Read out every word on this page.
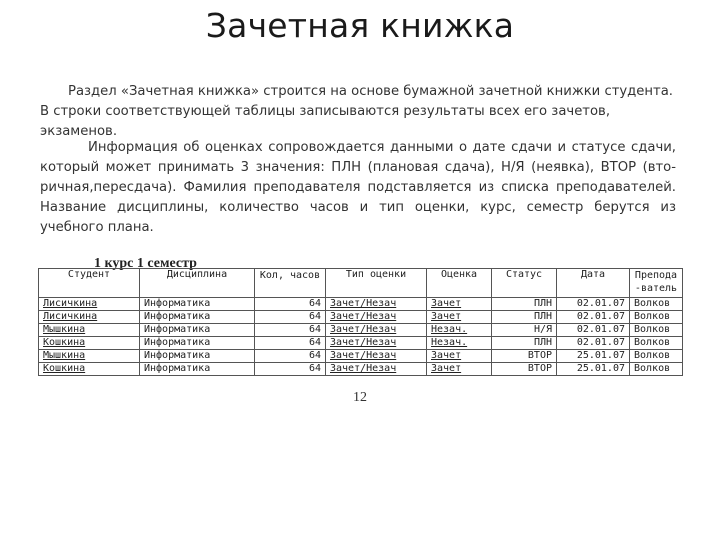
Зачетная книжка
Раздел «Зачетная книжка» строится на основе бумажной зачетной книжки студента. В строки соответствующей таблицы записываются результаты всех его зачетов, экзаменов.
Информация об оценках сопровождается данными о дате сдачи и статусе сдачи, который может принимать 3 значения: ПЛН (плановая сдача), Н/Я (неявка), ВТОР (вто-ричная,пересдача). Фамилия преподавателя подставляется из списка преподавателей. Название дисциплины, количество часов и тип оценки, курс, семестр берутся из учебного плана.
1 курс 1 семестр
Студент	Дисциплина	Кол, часов	Тип оценки	Оценка	Статус	Дата	Препода-ватель
Лисичкина	Информатика	64	Зачет/Незач	Зачет	ПЛН	02.01.07	Волков
Лисичкина	Информатика	64	Зачет/Незач	Зачет	ПЛН	02.01.07	Волков
Мышкина	Информатика	64	Зачет/Незач	Незач.	Н/Я	02.01.07	Волков
Кошкина	Информатика	64	Зачет/Незач	Незач.	ПЛН	02.01.07	Волков
Мышкина	Информатика	64	Зачет/Незач	Зачет	ВТОР	25.01.07	Волков
Кошкина	Информатика	64	Зачет/Незач	Зачет	ВТОР	25.01.07	Волков
12
